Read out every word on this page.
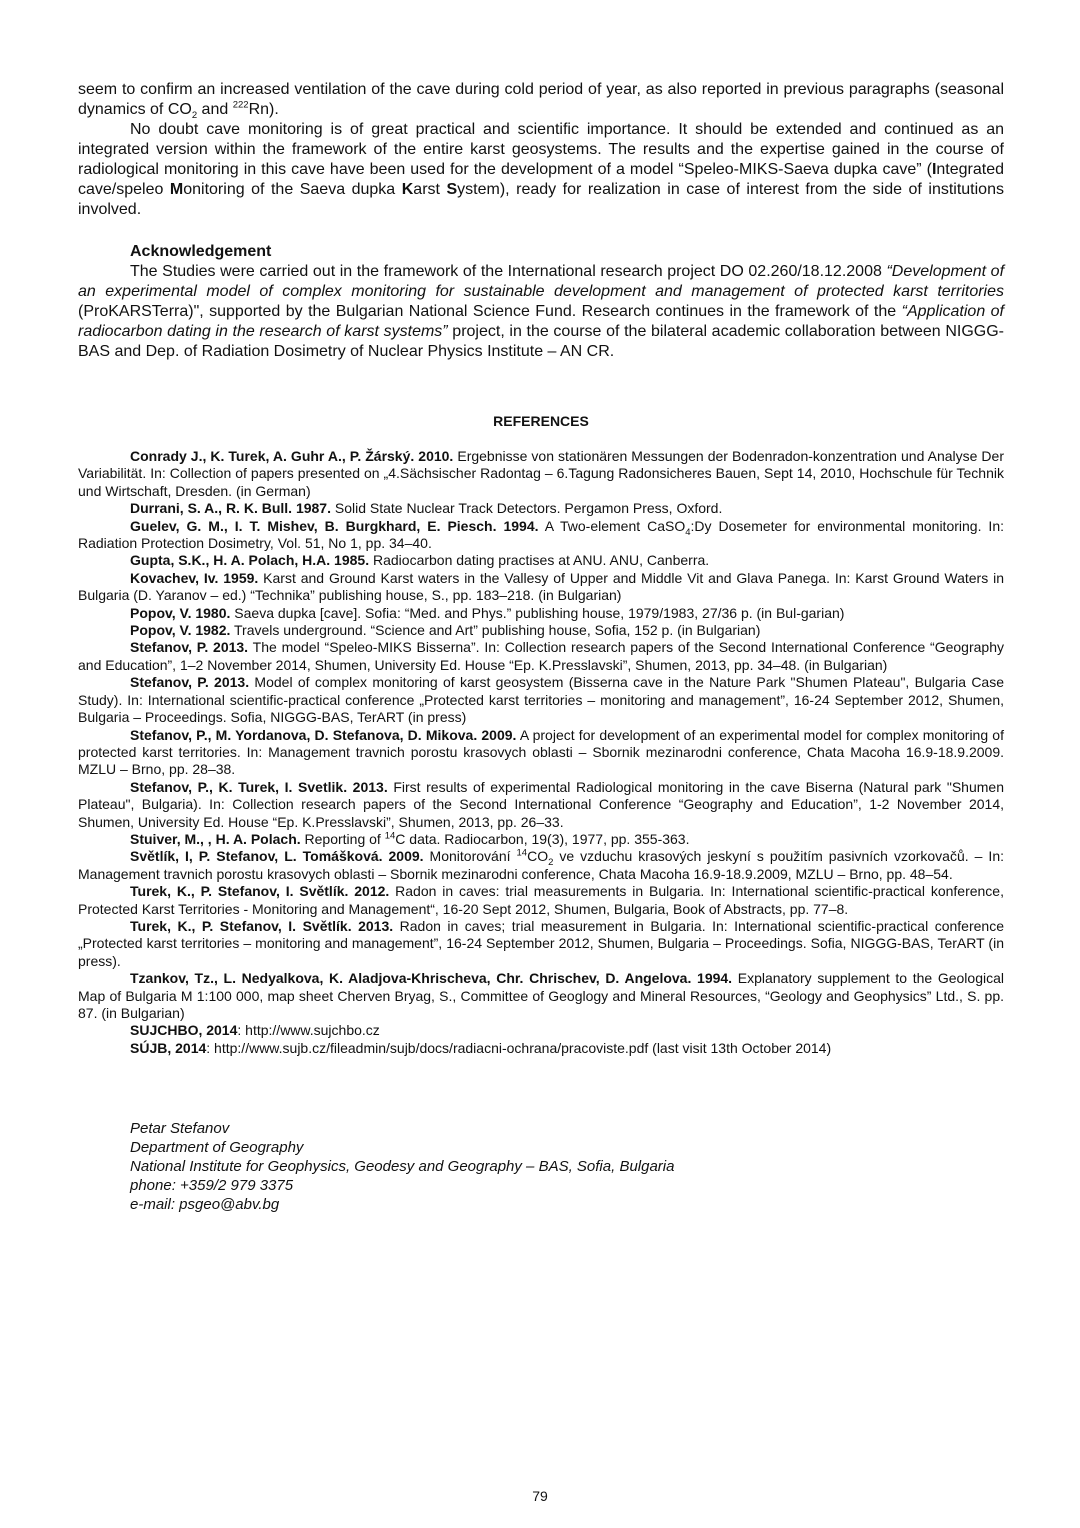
seem to confirm an increased ventilation of the cave during cold period of year, as also reported in previous paragraphs (seasonal dynamics of $CO_2$ and $^{222}$Rn).

No doubt cave monitoring is of great practical and scientific importance. It should be extended and continued as an integrated version within the framework of the entire karst geosystems. The results and the expertise gained in the course of radiological monitoring in this cave have been used for the development of a model “Speleo-MIKS-Saeva dupka cave” (Integrated cave/speleo Monitoring of the Saeva dupka Karst System), ready for realization in case of interest from the side of institutions involved.

Acknowledgement

The Studies were carried out in the framework of the International research project DO 02.260/18.12.2008 “Development of an experimental model of complex monitoring for sustainable development and management of protected karst territories (ProKARSTerra)", supported by the Bulgarian National Science Fund. Research continues in the framework of the “Application of radiocarbon dating in the research of karst systems” project, in the course of the bilateral academic collaboration between NIGGG-BAS and Dep. of Radiation Dosimetry of Nuclear Physics Institute – AN CR.

REFERENCES

Conrady J., K. Turek, A. Guhr A., P. Žárský. 2010. Ergebnisse von stationären Messungen der Bodenradon-konzentration und Analyse Der Variabilität. In: Collection of papers presented on „4.Sächsischer Radontag – 6.Tagung Radonsicheres Bauen, Sept 14, 2010, Hochschule für Technik und Wirtschaft, Dresden. (in German)

Durrani, S. A., R. K. Bull. 1987. Solid State Nuclear Track Detectors. Pergamon Press, Oxford.

Guelev, G. M., I. T. Mishev, B. Burgkhard, E. Piesch. 1994. A Two-element CaSO$_4$:Dy Dosemeter for environmental monitoring. In: Radiation Protection Dosimetry, Vol. 51, No 1, pp. 34–40.

Gupta, S.K., H. A. Polach, H.A. 1985. Radiocarbon dating practises at ANU. ANU, Canberra.

Kovachev, Iv. 1959. Karst and Ground Karst waters in the Vallesy of Upper and Middle Vit and Glava Panega. In: Karst Ground Waters in Bulgaria (D. Yaranov – ed.) “Technika” publishing house, S., pp. 183–218. (in Bulgarian)

Popov, V. 1980. Saeva dupka [cave]. Sofia: “Med. and Phys.” publishing house, 1979/1983, 27/36 p. (in Bul-garian)

Popov, V. 1982. Travels underground. “Science and Art” publishing house, Sofia, 152 p. (in Bulgarian)

Stefanov, P. 2013. The model “Speleo-MIKS Bisserna”. In: Collection research papers of the Second International Conference “Geography and Education”, 1–2 November 2014, Shumen, University Ed. House “Ep. K.Presslavski”, Shumen, 2013, pp. 34–48. (in Bulgarian)

Stefanov, P. 2013. Model of complex monitoring of karst geosystem (Bisserna cave in the Nature Park "Shumen Plateau", Bulgaria Case Study). In: International scientific-practical conference „Protected karst territories – monitoring and management”, 16-24 September 2012, Shumen, Bulgaria – Proceedings. Sofia, NIGGG-BAS, TerART (in press)

Stefanov, P., M. Yordanova, D. Stefanova, D. Mikova. 2009. A project for development of an experimental model for complex monitoring of protected karst territories. In: Management travnich porostu krasovych oblasti – Sbornik mezinarodni conference, Chata Macoha 16.9-18.9.2009. MZLU – Brno, pp. 28–38.

Stefanov, P., K. Turek, I. Svetlik. 2013. First results of experimental Radiological monitoring in the cave Biserna (Natural park "Shumen Plateau", Bulgaria). In: Collection research papers of the Second International Conference “Geography and Education”, 1-2 November 2014, Shumen, University Ed. House “Ep. K.Presslavski”, Shumen, 2013, pp. 26–33.

Stuiver, M., , H. A. Polach. Reporting of $^{14}$C data. Radiocarbon, 19(3), 1977, pp. 355-363.

Světlík, I, P. Stefanov, L. Tomášková. 2009. Monitorování $^{14}CO_2$ ve vzduchu krasových jeskyní s použitím pasivních vzorkovačů. – In: Management travnich porostu krasovych oblasti – Sbornik mezinarodni conference, Chata Macoha 16.9-18.9.2009, MZLU – Brno, pp. 48–54.

Turek, K., P. Stefanov, I. Světlík. 2012. Radon in caves: trial measurements in Bulgaria. In: International scientific-practical konference, Protected Karst Territories - Monitoring and Management“, 16-20 Sept 2012, Shumen, Bulgaria, Book of Abstracts, pp. 77–8.

Turek, K., P. Stefanov, I. Světlík. 2013. Radon in caves; trial measurement in Bulgaria. In: International scientific-practical conference „Protected karst territories – monitoring and management”, 16-24 September 2012, Shumen, Bulgaria – Proceedings. Sofia, NIGGG-BAS, TerART (in press).

Tzankov, Tz., L. Nedyalkova, K. Aladjova-Khrischeva, Chr. Chrischev, D. Angelova. 1994. Explanatory supplement to the Geological Map of Bulgaria M 1:100 000, map sheet Cherven Bryag, S., Committee of Geoglogy and Mineral Resources, “Geology and Geophysics” Ltd., S. pp. 87. (in Bulgarian)

SUJCHBO, 2014: http://www.sujchbo.cz

SÚJB, 2014: http://www.sujb.cz/fileadmin/sujb/docs/radiacni-ochrana/pracoviste.pdf (last visit 13th October 2014)

Petar Stefanov
Department of Geography
National Institute for Geophysics, Geodesy and Geography – BAS, Sofia, Bulgaria
phone: +359/2 979 3375
e-mail: psgeo@abv.bg
79
